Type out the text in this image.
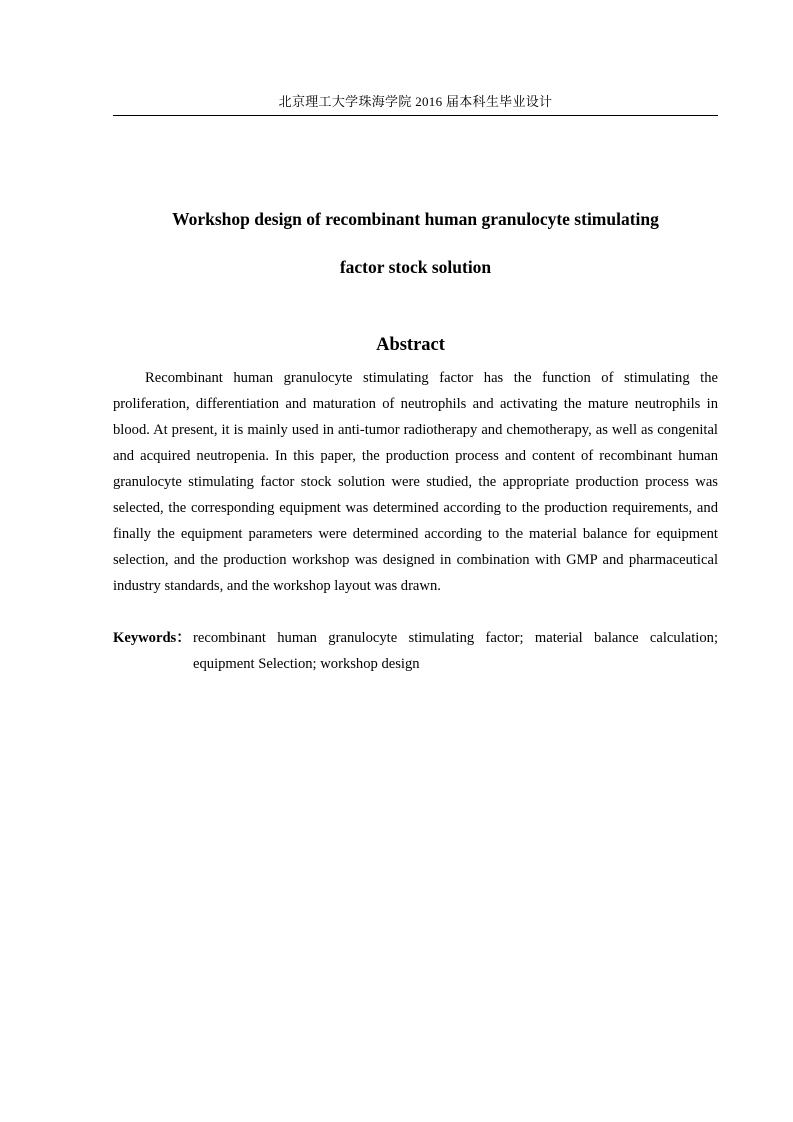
北京理工大学珠海学院 2016 届本科生毕业设计
Workshop design of recombinant human granulocyte stimulating
factor stock solution
Abstract

Recombinant human granulocyte stimulating factor has the function of stimulating the proliferation, differentiation and maturation of neutrophils and activating the mature neutrophils in blood. At present, it is mainly used in anti-tumor radiotherapy and chemotherapy, as well as congenital and acquired neutropenia. In this paper, the production process and content of recombinant human granulocyte stimulating factor stock solution were studied, the appropriate production process was selected, the corresponding equipment was determined according to the production requirements, and finally the equipment parameters were determined according to the material balance for equipment selection, and the production workshop was designed in combination with GMP and pharmaceutical industry standards, and the workshop layout was drawn.

Keywords： recombinant human granulocyte stimulating factor; material balance calculation;
equipment Selection; workshop design
